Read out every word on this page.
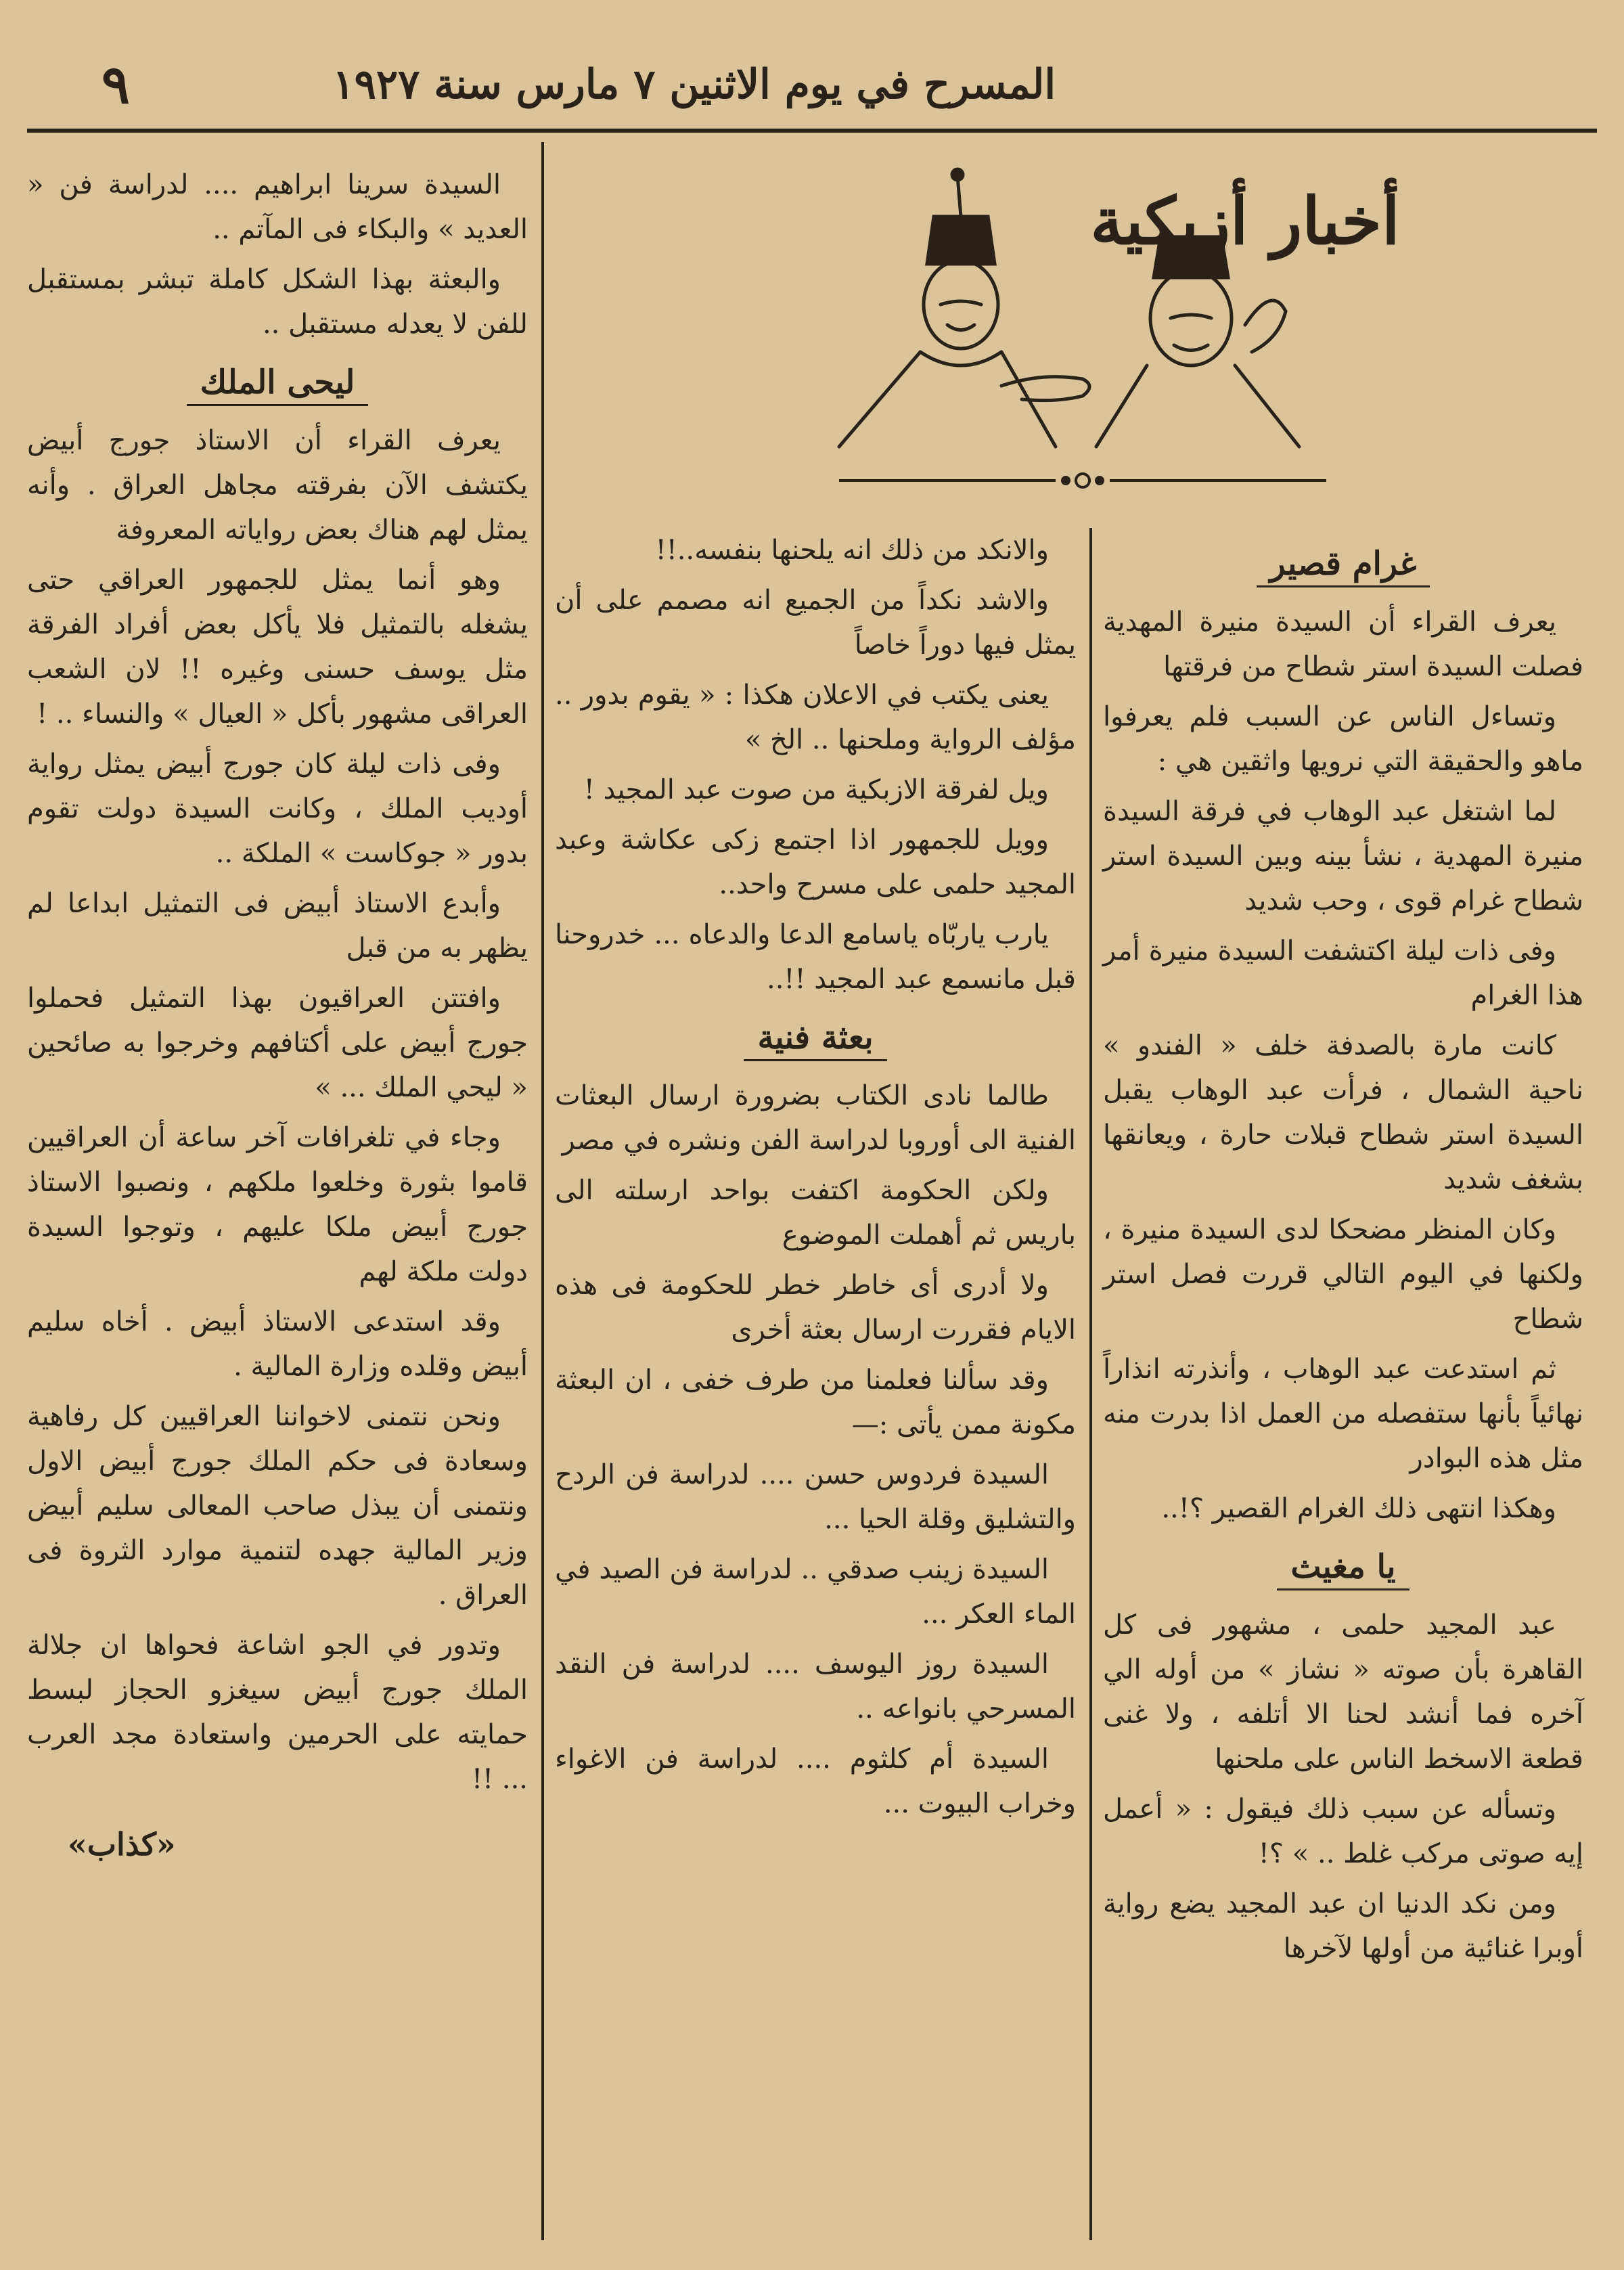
٩	المسرح في يوم الاثنين ٧ مارس سنة ١٩٢٧
أخبار أزبكية
غرام قصير

يعرف القراء أن السيدة منيرة المهدية فصلت السيدة استر شطاح من فرقتها

وتساءل الناس عن السبب فلم يعرفوا ماهو والحقيقة التي نرويها واثقين هي :

لما اشتغل عبد الوهاب في فرقة السيدة منيرة المهدية ، نشأ بينه وبين السيدة استر شطاح غرام قوى ، وحب شديد

وفى ذات ليلة اكتشفت السيدة منيرة أمر هذا الغرام

كانت مارة بالصدفة خلف « الفندو » ناحية الشمال ، فرأت عبد الوهاب يقبل السيدة استر شطاح قبلات حارة ، ويعانقها بشغف شديد

وكان المنظر مضحكا لدى السيدة منيرة ، ولكنها في اليوم التالي قررت فصل استر شطاح

ثم استدعت عبد الوهاب ، وأنذرته انذاراً نهائياً بأنها ستفصله من العمل اذا بدرت منه مثل هذه البوادر

وهكذا انتهى ذلك الغرام القصير ؟!..

يا مغيث

عبد المجيد حلمى ، مشهور فى كل القاهرة بأن صوته « نشاز » من أوله الي آخره فما أنشد لحنا الا أتلفه ، ولا غنى قطعة الاسخط الناس على ملحنها

وتسأله عن سبب ذلك فيقول : « أعمل إيه صوتى مركب غلط .. » ؟!

ومن نكد الدنيا ان عبد المجيد يضع رواية أوبرا غنائية من أولها لآخرها

والانكد من ذلك انه يلحنها بنفسه..!!

والاشد نكداً من الجميع انه مصمم على أن يمثل فيها دوراً خاصاً

يعنى يكتب في الاعلان هكذا : « يقوم بدور .. مؤلف الرواية وملحنها .. الخ »

ويل لفرقة الازبكية من صوت عبد المجيد !

وويل للجمهور اذا اجتمع زكى عكاشة وعبد المجيد حلمى على مسرح واحد..

يارب ياربّاه ياسامع الدعا والدعاه ... خدروحنا قبل مانسمع عبد المجيد !!..

بعثة فنية

طالما نادى الكتاب بضرورة ارسال البعثات الفنية الى أوروبا لدراسة الفن ونشره في مصر

ولكن الحكومة اكتفت بواحد ارسلته الى باريس ثم أهملت الموضوع

ولا أدرى أى خاطر خطر للحكومة فى هذه الايام فقررت ارسال بعثة أخرى

وقد سألنا فعلمنا من طرف خفى ، ان البعثة مكونة ممن يأتى :—

السيدة فردوس حسن .... لدراسة فن الردح والتشليق وقلة الحيا ...

السيدة زينب صدقي .. لدراسة فن الصيد في الماء العكر ...

السيدة روز اليوسف .... لدراسة فن النقد المسرحي بانواعه ..

السيدة أم كلثوم .... لدراسة فن الاغواء وخراب البيوت ...

السيدة سرينا ابراهيم .... لدراسة فن « العديد » والبكاء فى المآتم ..

والبعثة بهذا الشكل كاملة تبشر بمستقبل للفن لا يعدله مستقبل ..

ليحى الملك

يعرف القراء أن الاستاذ جورج أبيض يكتشف الآن بفرقته مجاهل العراق . وأنه يمثل لهم هناك بعض رواياته المعروفة

وهو أنما يمثل للجمهور العراقي حتى يشغله بالتمثيل فلا يأكل بعض أفراد الفرقة مثل يوسف حسنى وغيره !! لان الشعب العراقى مشهور بأكل « العيال » والنساء .. !

وفى ذات ليلة كان جورج أبيض يمثل رواية أوديب الملك ، وكانت السيدة دولت تقوم بدور « جوكاست » الملكة ..

وأبدع الاستاذ أبيض فى التمثيل ابداعا لم يظهر به من قبل

وافتتن العراقيون بهذا التمثيل فحملوا جورج أبيض على أكتافهم وخرجوا به صائحين « ليحي الملك ... »

وجاء في تلغرافات آخر ساعة أن العراقيين قاموا بثورة وخلعوا ملكهم ، ونصبوا الاستاذ جورج أبيض ملكا عليهم ، وتوجوا السيدة دولت ملكة لهم

وقد استدعى الاستاذ أبيض . أخاه سليم أبيض وقلده وزارة المالية .

ونحن نتمنى لاخواننا العراقيين كل رفاهية وسعادة فى حكم الملك جورج أبيض الاول ونتمنى أن يبذل صاحب المعالى سليم أبيض وزير المالية جهده لتنمية موارد الثروة فى العراق .

وتدور في الجو اشاعة فحواها ان جلالة الملك جورج أبيض سيغزو الحجاز لبسط حمايته على الحرمين واستعادة مجد العرب ... !!

«كذاب»
